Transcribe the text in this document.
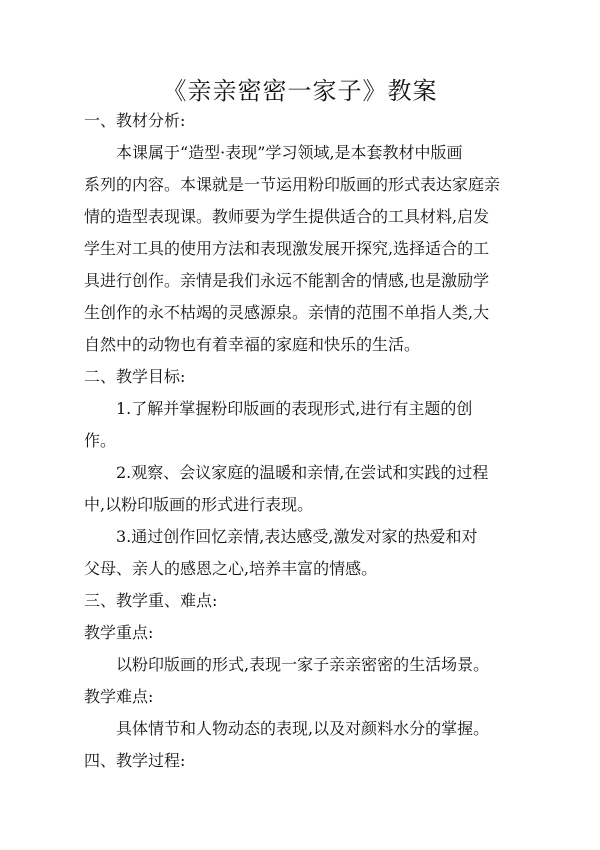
《亲亲密密一家子》教案
一、教材分析:
本课属于“造型·表现”学习领域,是本套教材中版画
系列的内容。本课就是一节运用粉印版画的形式表达家庭亲
情的造型表现课。教师要为学生提供适合的工具材料,启发
学生对工具的使用方法和表现激发展开探究,选择适合的工
具进行创作。亲情是我们永远不能割舍的情感,也是激励学
生创作的永不枯竭的灵感源泉。亲情的范围不单指人类,大
自然中的动物也有着幸福的家庭和快乐的生活。
二、教学目标:
1.了解并掌握粉印版画的表现形式,进行有主题的创
作。
2.观察、会议家庭的温暖和亲情,在尝试和实践的过程
中,以粉印版画的形式进行表现。
3.通过创作回忆亲情,表达感受,激发对家的热爱和对
父母、亲人的感恩之心,培养丰富的情感。
三、教学重、难点:
教学重点:
以粉印版画的形式,表现一家子亲亲密密的生活场景。
教学难点:
具体情节和人物动态的表现,以及对颜料水分的掌握。
四、教学过程:
